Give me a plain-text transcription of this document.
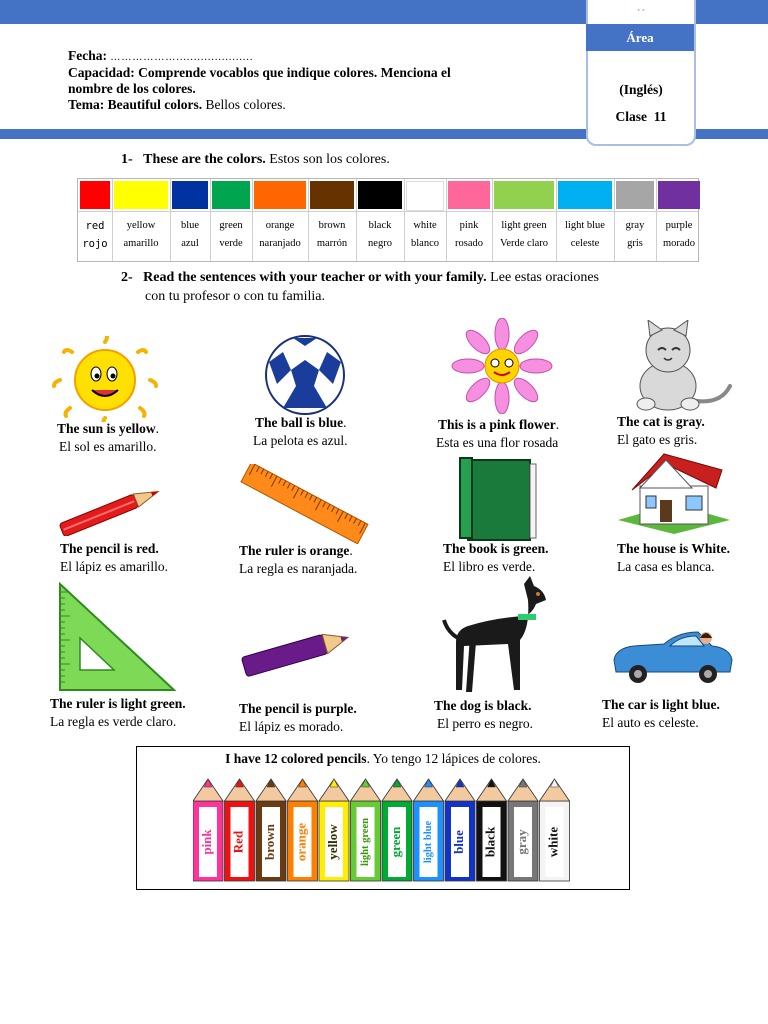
• •
(Inglés)
Clase  11
Área
Fecha: ………………......................
Capacidad: Comprende vocablos que indique colores. Menciona el
nombre de los colores.
Tema: Beautiful colors. Bellos colores.
1- These are the colors. Estos son los colores.
red
rojo
yellow
amarillo
blue
azul
green
verde
orange
naranjado
brown
marrón
black
negro
white
blanco
pink
rosado
light green
Verde claro
light blue
celeste
gray
gris
purple
morado
2- Read the sentences with your teacher or with your family. Lee estas oraciones
con tu profesor o con tu familia.
The sun is yellow.
El sol es amarillo.
The ball is blue.
La pelota es azul.
This is a pink flower.
Esta es una flor rosada
The cat is gray.
El gato es gris.
The pencil is red.
El lápiz es amarillo.
The ruler is orange.
La regla es naranjada.
The book is green.
El libro es verde.
The house is White.
La casa es blanca.
The ruler is light green.
La regla es verde claro.
The pencil is purple.
El lápiz es morado.
The dog is black.
El perro es negro.
The car is light blue.
El auto es celeste.
I have 12 colored pencils. Yo tengo 12 lápices de colores.
pink Red brown orange yellow light green green light blue blue black gray white
